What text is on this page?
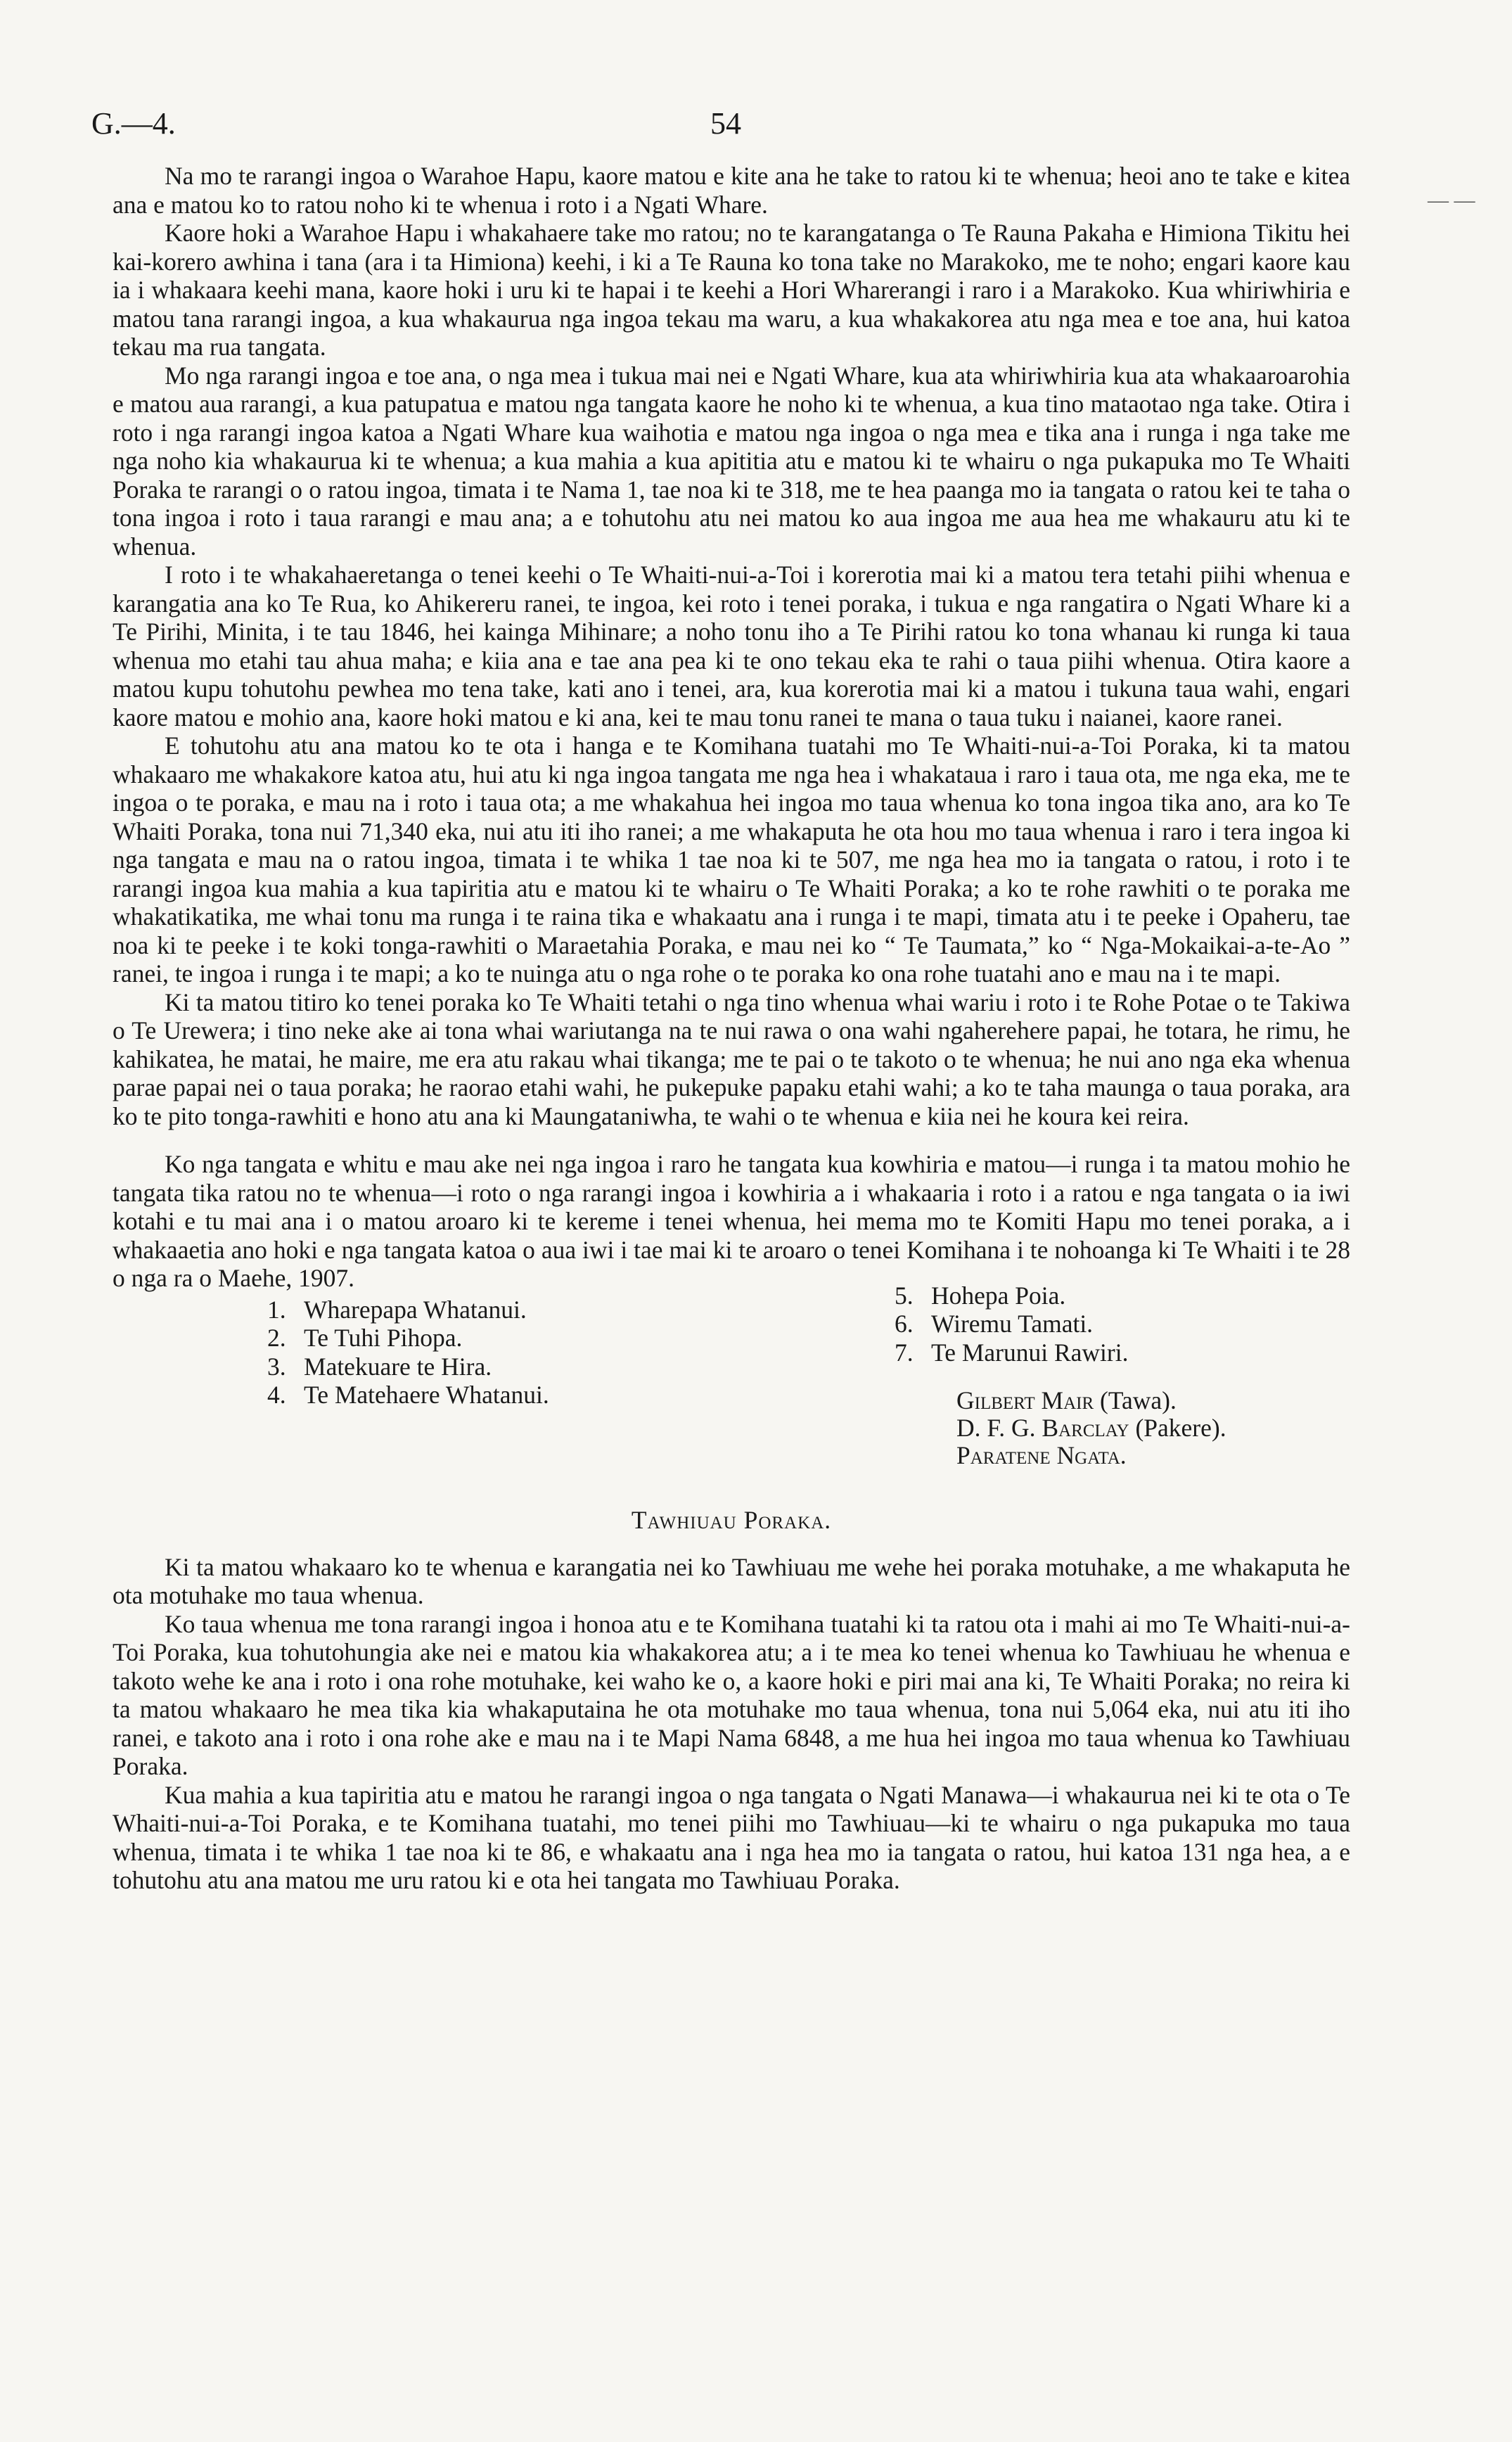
G.—4.	54

Na mo te rarangi ingoa o Warahoe Hapu, kaore matou e kite ana he take to ratou ki te whenua; heoi ano te take e kitea ana e matou ko to ratou noho ki te whenua i roto i a Ngati Whare.

Kaore hoki a Warahoe Hapu i whakahaere take mo ratou; no te karangatanga o Te Rauna Pakaha e Himiona Tikitu hei kai-korero awhina i tana (ara i ta Himiona) keehi, i ki a Te Rauna ko tona take no Marakoko, me te noho; engari kaore kau ia i whakaara keehi mana, kaore hoki i uru ki te hapai i te keehi a Hori Wharerangi i raro i a Marakoko. Kua whiriwhiria e matou tana rarangi ingoa, a kua whakaurua nga ingoa tekau ma waru, a kua whakakorea atu nga mea e toe ana, hui katoa tekau ma rua tangata.

Mo nga rarangi ingoa e toe ana, o nga mea i tukua mai nei e Ngati Whare, kua ata whiriwhiria kua ata whakaaroarohia e matou aua rarangi, a kua patupatua e matou nga tangata kaore he noho ki te whenua, a kua tino mataotao nga take. Otira i roto i nga rarangi ingoa katoa a Ngati Whare kua waihotia e matou nga ingoa o nga mea e tika ana i runga i nga take me nga noho kia whakaurua ki te whenua; a kua mahia a kua apititia atu e matou ki te whairu o nga pukapuka mo Te Whaiti Poraka te rarangi o o ratou ingoa, timata i te Nama 1, tae noa ki te 318, me te hea paanga mo ia tangata o ratou kei te taha o tona ingoa i roto i taua rarangi e mau ana; a e tohutohu atu nei matou ko aua ingoa me aua hea me whakauru atu ki te whenua.

I roto i te whakahaeretanga o tenei keehi o Te Whaiti-nui-a-Toi i korerotia mai ki a matou tera tetahi piihi whenua e karangatia ana ko Te Rua, ko Ahikereru ranei, te ingoa, kei roto i tenei poraka, i tukua e nga rangatira o Ngati Whare ki a Te Pirihi, Minita, i te tau 1846, hei kainga Mihinare; a noho tonu iho a Te Pirihi ratou ko tona whanau ki runga ki taua whenua mo etahi tau ahua maha; e kiia ana e tae ana pea ki te ono tekau eka te rahi o taua piihi whenua. Otira kaore a matou kupu tohutohu pewhea mo tena take, kati ano i tenei, ara, kua korerotia mai ki a matou i tukuna taua wahi, engari kaore matou e mohio ana, kaore hoki matou e ki ana, kei te mau tonu ranei te mana o taua tuku i naianei, kaore ranei.

E tohutohu atu ana matou ko te ota i hanga e te Komihana tuatahi mo Te Whaiti-nui-a-Toi Poraka, ki ta matou whakaaro me whakakore katoa atu, hui atu ki nga ingoa tangata me nga hea i whakataua i raro i taua ota, me nga eka, me te ingoa o te poraka, e mau na i roto i taua ota; a me whakahua hei ingoa mo taua whenua ko tona ingoa tika ano, ara ko Te Whaiti Poraka, tona nui 71,340 eka, nui atu iti iho ranei; a me whakaputa he ota hou mo taua whenua i raro i tera ingoa ki nga tangata e mau na o ratou ingoa, timata i te whika 1 tae noa ki te 507, me nga hea mo ia tangata o ratou, i roto i te rarangi ingoa kua mahia a kua tapiritia atu e matou ki te whairu o Te Whaiti Poraka; a ko te rohe rawhiti o te poraka me whakatikatika, me whai tonu ma runga i te raina tika e whakaatu ana i runga i te mapi, timata atu i te peeke i Opaheru, tae noa ki te peeke i te koki tonga-rawhiti o Maraetahia Poraka, e mau nei ko “ Te Taumata,” ko “ Nga-Mokaikai-a-te-Ao ” ranei, te ingoa i runga i te mapi; a ko te nuinga atu o nga rohe o te poraka ko ona rohe tuatahi ano e mau na i te mapi.

Ki ta matou titiro ko tenei poraka ko Te Whaiti tetahi o nga tino whenua whai wariu i roto i te Rohe Potae o te Takiwa o Te Urewera; i tino neke ake ai tona whai wariutanga na te nui rawa o ona wahi ngaherehere papai, he totara, he rimu, he kahikatea, he matai, he maire, me era atu rakau whai tikanga; me te pai o te takoto o te whenua; he nui ano nga eka whenua parae papai nei o taua poraka; he raorao etahi wahi, he pukepuke papaku etahi wahi; a ko te taha maunga o taua poraka, ara ko te pito tonga-rawhiti e hono atu ana ki Maungataniwha, te wahi o te whenua e kiia nei he koura kei reira.

Ko nga tangata e whitu e mau ake nei nga ingoa i raro he tangata kua kowhiria e matou—i runga i ta matou mohio he tangata tika ratou no te whenua—i roto o nga rarangi ingoa i kowhiria a i whakaaria i roto i a ratou e nga tangata o ia iwi kotahi e tu mai ana i o matou aroaro ki te kereme i tenei whenua, hei mema mo te Komiti Hapu mo tenei poraka, a i whakaaetia ano hoki e nga tangata katoa o aua iwi i tae mai ki te aroaro o tenei Komihana i te nohoanga ki Te Whaiti i te 28 o nga ra o Maehe, 1907.

1. Wharepapa Whatanui.
2. Te Tuhi Pihopa.
3. Matekuare te Hira.
4. Te Matehaere Whatanui.
5. Hohepa Poia.
6. Wiremu Tamati.
7. Te Marunui Rawiri.
Gilbert Mair (Tawa).
D. F. G. Barclay (Pakere).
Paratene Ngata.
Tawhiuau Poraka.

Ki ta matou whakaaro ko te whenua e karangatia nei ko Tawhiuau me wehe hei poraka motuhake, a me whakaputa he ota motuhake mo taua whenua.

Ko taua whenua me tona rarangi ingoa i honoa atu e te Komihana tuatahi ki ta ratou ota i mahi ai mo Te Whaiti-nui-a-Toi Poraka, kua tohutohungia ake nei e matou kia whakakorea atu; a i te mea ko tenei whenua ko Tawhiuau he whenua e takoto wehe ke ana i roto i ona rohe motuhake, kei waho ke o, a kaore hoki e piri mai ana ki, Te Whaiti Poraka; no reira ki ta matou whakaaro he mea tika kia whakaputaina he ota motuhake mo taua whenua, tona nui 5,064 eka, nui atu iti iho ranei, e takoto ana i roto i ona rohe ake e mau na i te Mapi Nama 6848, a me hua hei ingoa mo taua whenua ko Tawhiuau Poraka.

Kua mahia a kua tapiritia atu e matou he rarangi ingoa o nga tangata o Ngati Manawa—i whakaurua nei ki te ota o Te Whaiti-nui-a-Toi Poraka, e te Komihana tuatahi, mo tenei piihi mo Tawhiuau—ki te whairu o nga pukapuka mo taua whenua, timata i te whika 1 tae noa ki te 86, e whakaatu ana i nga hea mo ia tangata o ratou, hui katoa 131 nga hea, a e tohutohu atu ana matou me uru ratou ki e ota hei tangata mo Tawhiuau Poraka.

— —
